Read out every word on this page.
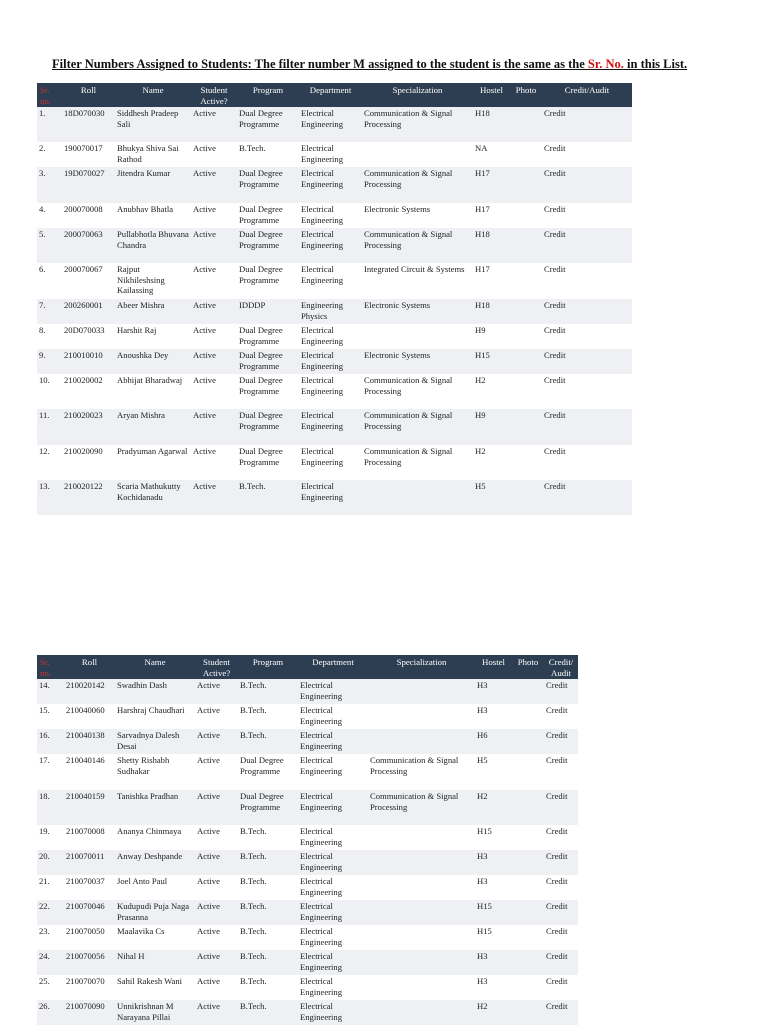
Filter Numbers Assigned to Students: The filter number M assigned to the student is the same as the Sr. No. in this List.
Sr. no.	Roll	Name	Student Active?	Program	Department	Specialization	Hostel	Photo	Credit/Audit
1.	18D070030	Siddhesh Pradeep Sali	Active	Dual Degree Programme	Electrical Engineering	Communication & Signal Processing	H18		Credit
2.	190070017	Bhukya Shiva Sai Rathod	Active	B.Tech.	Electrical Engineering		NA		Credit
3.	19D070027	Jitendra Kumar	Active	Dual Degree Programme	Electrical Engineering	Communication & Signal Processing	H17		Credit
4.	200070008	Anubhav Bhatla	Active	Dual Degree Programme	Electrical Engineering	Electronic Systems	H17		Credit
5.	200070063	Pullabhotla Bhuvana Chandra	Active	Dual Degree Programme	Electrical Engineering	Communication & Signal Processing	H18		Credit
6.	200070067	Rajput Nikhileshsing Kailassing	Active	Dual Degree Programme	Electrical Engineering	Integrated Circuit & Systems	H17		Credit
7.	200260001	Abeer Mishra	Active	IDDDP	Engineering Physics	Electronic Systems	H18		Credit
8.	20D070033	Harshit Raj	Active	Dual Degree Programme	Electrical Engineering		H9		Credit
9.	210010010	Anoushka Dey	Active	Dual Degree Programme	Electrical Engineering	Electronic Systems	H15		Credit
10.	210020002	Abhijat Bharadwaj	Active	Dual Degree Programme	Electrical Engineering	Communication & Signal Processing	H2		Credit
11.	210020023	Aryan Mishra	Active	Dual Degree Programme	Electrical Engineering	Communication & Signal Processing	H9		Credit
12.	210020090	Pradyuman Agarwal	Active	Dual Degree Programme	Electrical Engineering	Communication & Signal Processing	H2		Credit
13.	210020122	Scaria Mathukutty Kochidanadu	Active	B.Tech.	Electrical Engineering		H5		Credit
Sr. no.	Roll	Name	Student Active?	Program	Department	Specialization	Hostel	Photo	Credit/ Audit
14.	210020142	Swadhin Dash	Active	B.Tech.	Electrical Engineering		H3		Credit
15.	210040060	Harshraj Chaudhari	Active	B.Tech.	Electrical Engineering		H3		Credit
16.	210040138	Sarvadnya Dalesh Desai	Active	B.Tech.	Electrical Engineering		H6		Credit
17.	210040146	Shetty Rishabh Sudhakar	Active	Dual Degree Programme	Electrical Engineering	Communication & Signal Processing	H5		Credit
18.	210040159	Tanishka Pradhan	Active	Dual Degree Programme	Electrical Engineering	Communication & Signal Processing	H2		Credit
19.	210070008	Ananya Chinmaya	Active	B.Tech.	Electrical Engineering		H15		Credit
20.	210070011	Anway Deshpande	Active	B.Tech.	Electrical Engineering		H3		Credit
21.	210070037	Joel Anto Paul	Active	B.Tech.	Electrical Engineering		H3		Credit
22.	210070046	Kudupudi Puja Naga Prasanna	Active	B.Tech.	Electrical Engineering		H15		Credit
23.	210070050	Maalavika Cs	Active	B.Tech.	Electrical Engineering		H15		Credit
24.	210070056	Nihal H	Active	B.Tech.	Electrical Engineering		H3		Credit
25.	210070070	Sahil Rakesh Wani	Active	B.Tech.	Electrical Engineering		H3		Credit
26.	210070090	Unnikrishnan M Narayana Pillai	Active	B.Tech.	Electrical Engineering		H2		Credit
